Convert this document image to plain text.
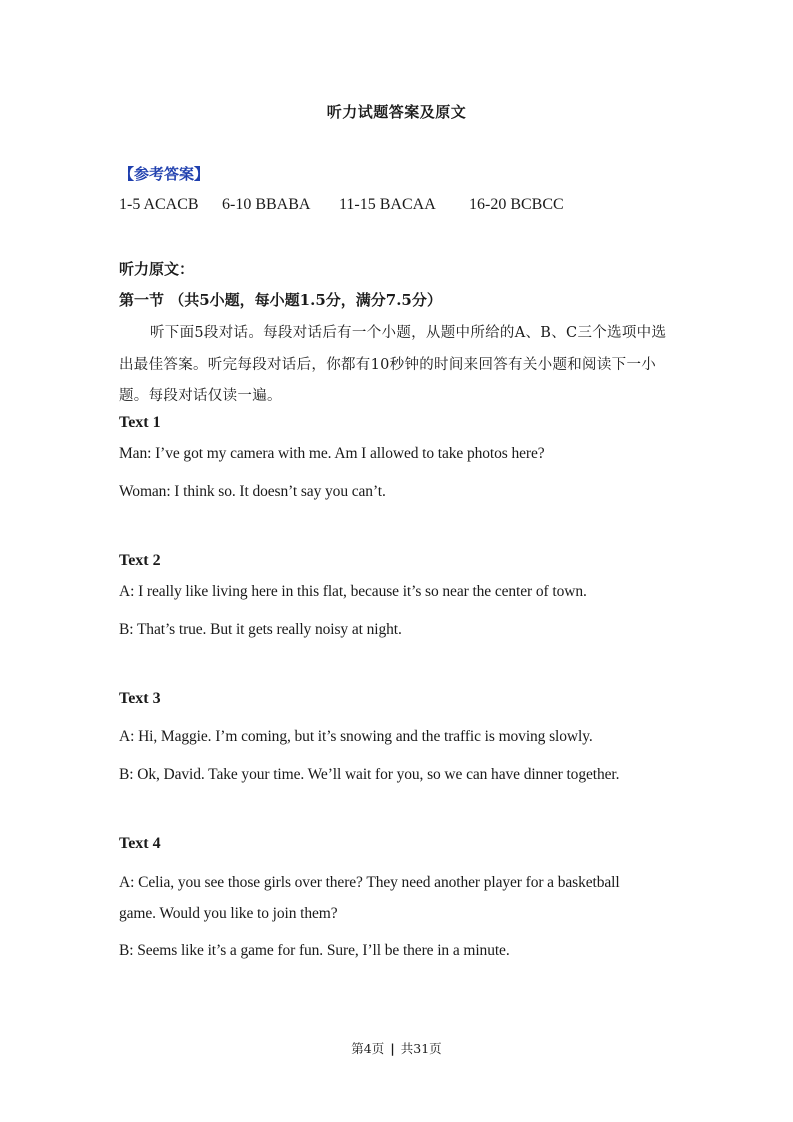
听力试题答案及原文
【参考答案】
1-5 ACACB 6-10 BBABA 11-15 BACAA 16-20 BCBCC
听力原文：
第一节 （共5小题，每小题1.5分，满分7.5分）
听下面5段对话。每段对话后有一个小题，从题中所给的A、B、C三个选项中选出最佳答案。听完每段对话后，你都有10秒钟的时间来回答有关小题和阅读下一小题。每段对话仅读一遍。
Text 1
Man: I’ve got my camera with me. Am I allowed to take photos here?
Woman: I think so. It doesn’t say you can’t.
Text 2
A: I really like living here in this flat, because it’s so near the center of town.
B: That’s true. But it gets really noisy at night.
Text 3
A: Hi, Maggie. I’m coming, but it’s snowing and the traffic is moving slowly.
B: Ok, David. Take your time. We’ll wait for you, so we can have dinner together.
Text 4
A: Celia, you see those girls over there? They need another player for a basketball game. Would you like to join them?
B: Seems like it’s a game for fun. Sure, I’ll be there in a minute.
第4页 | 共31页
